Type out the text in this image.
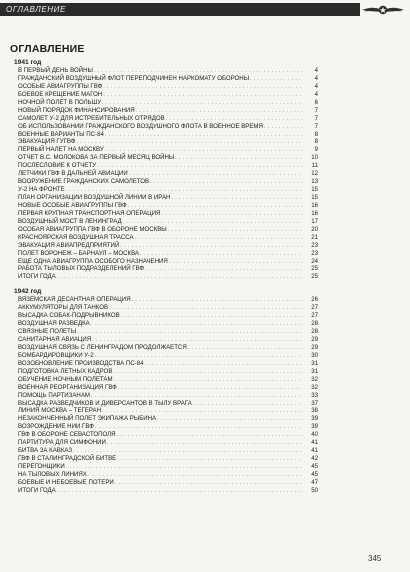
ОГЛАВЛЕНИЕ
ОГЛАВЛЕНИЕ
1941 год
В ПЕРВЫЙ ДЕНЬ ВОЙНЫ . . .	4
ГРАЖДАНСКИЙ ВОЗДУШНЫЙ ФЛОТ ПЕРЕПОДЧИНЕН НАРКОМАТУ ОБОРОНЫ . . .	4
ОСОБЫЕ АВИАГРУППЫ ГВФ . . .	4
БОЕВОЕ КРЕЩЕНИЕ МАГОН . . .	4
НОЧНОЙ ПОЛЕТ В ПОЛЬШУ . . .	6
НОВЫЙ ПОРЯДОК ФИНАНСИРОВАНИЯ . . .	7
САМОЛЕТ У-2 ДЛЯ ИСТРЕБИТЕЛЬНЫХ ОТРЯДОВ . . .	7
ОБ ИСПОЛЬЗОВАНИИ ГРАЖДАНСКОГО ВОЗДУШНОГО ФЛОТА В ВОЕННОЕ ВРЕМЯ . . .	7
ВОЕННЫЕ ВАРИАНТЫ ПС-84 . . .	8
ЭВАКУАЦИЯ ГУГВФ . . .	8
ПЕРВЫЙ НАЛЕТ НА МОСКВУ . . .	9
ОТЧЕТ В.С. МОЛОКОВА ЗА ПЕРВЫЙ МЕСЯЦ ВОЙНЫ . . .	10
ПОСЛЕСЛОВИЕ К ОТЧЕТУ . . .	11
ЛЕТЧИКИ ГВФ В ДАЛЬНЕЙ АВИАЦИИ . . .	12
ВООРУЖЕНИЕ ГРАЖДАНСКИХ САМОЛЕТОВ . . .	13
У-2 НА ФРОНТЕ . . .	15
ПЛАН ОРГАНИЗАЦИИ ВОЗДУШНОЙ ЛИНИИ В ИРАН . . .	15
НОВЫЕ ОСОБЫЕ АВИАГРУППЫ ГВФ . . .	16
ПЕРВАЯ КРУПНАЯ ТРАНСПОРТНАЯ ОПЕРАЦИЯ . . .	16
ВОЗДУШНЫЙ МОСТ В ЛЕНИНГРАД . . .	17
ОСОБАЯ АВИАГРУППА ГВФ В ОБОРОНЕ МОСКВЫ . . .	20
КРАСНОЯРСКАЯ ВОЗДУШНАЯ ТРАССА . . .	21
ЭВАКУАЦИЯ АВИАПРЕДПРИЯТИЙ . . .	23
ПОЛЕТ ВОРОНЕЖ – БАРНАУЛ – МОСКВА . . .	23
ЕЩЕ ОДНА АВИАГРУППА ОСОБОГО НАЗНАЧЕНИЯ . . .	24
РАБОТА ТЫЛОВЫХ ПОДРАЗДЕЛЕНИЙ ГВФ . . .	25
ИТОГИ ГОДА . . .	25
1942 год
ВЯЗЕМСКАЯ ДЕСАНТНАЯ ОПЕРАЦИЯ . . .	26
АККУМУЛЯТОРЫ ДЛЯ ТАНКОВ . . .	27
ВЫСАДКА СОБАК-ПОДРЫВНИКОВ . . .	27
ВОЗДУШНАЯ РАЗВЕДКА . . .	28
СВЯЗНЫЕ ПОЛЕТЫ . . .	28
САНИТАРНАЯ АВИАЦИЯ . . .	29
ВОЗДУШНАЯ СВЯЗЬ С ЛЕНИНГРАДОМ ПРОДОЛЖАЕТСЯ . . .	29
БОМБАРДИРОВЩИКИ У-2 . . .	30
ВОЗОБНОВЛЕНИЕ ПРОИЗВОДСТВА ПС-84 . . .	31
ПОДГОТОВКА ЛЕТНЫХ КАДРОВ . . .	31
ОБУЧЕНИЕ НОЧНЫМ ПОЛЕТАМ . . .	32
ВОЕННАЯ РЕОРГАНИЗАЦИЯ ГВФ . . .	32
ПОМОЩЬ ПАРТИЗАНАМ . . .	33
ВЫСАДКА РАЗВЕДЧИКОВ И ДИВЕРСАНТОВ В ТЫЛУ ВРАГА . . .	37
ЛИНИЯ МОСКВА – ТЕГЕРАН . . .	38
НЕЗАКОНЧЕННЫЙ ПОЛЕТ ЭКИПАЖА РЫБИНА . . .	39
ВОЗРОЖДЕНИЕ НИИ ГВФ . . .	39
ГВФ В ОБОРОНЕ СЕВАСТОПОЛЯ . . .	40
ПАРТИТУРА ДЛЯ СИМФОНИИ . . .	41
БИТВА ЗА КАВКАЗ . . .	41
ГВФ В СТАЛИНГРАДСКОЙ БИТВЕ . . .	42
ПЕРЕГОНЩИКИ . . .	45
НА ТЫЛОВЫХ ЛИНИЯХ . . .	45
БОЕВЫЕ И НЕБОЕВЫЕ ПОТЕРИ . . .	47
ИТОГИ ГОДА . . .	50
345
